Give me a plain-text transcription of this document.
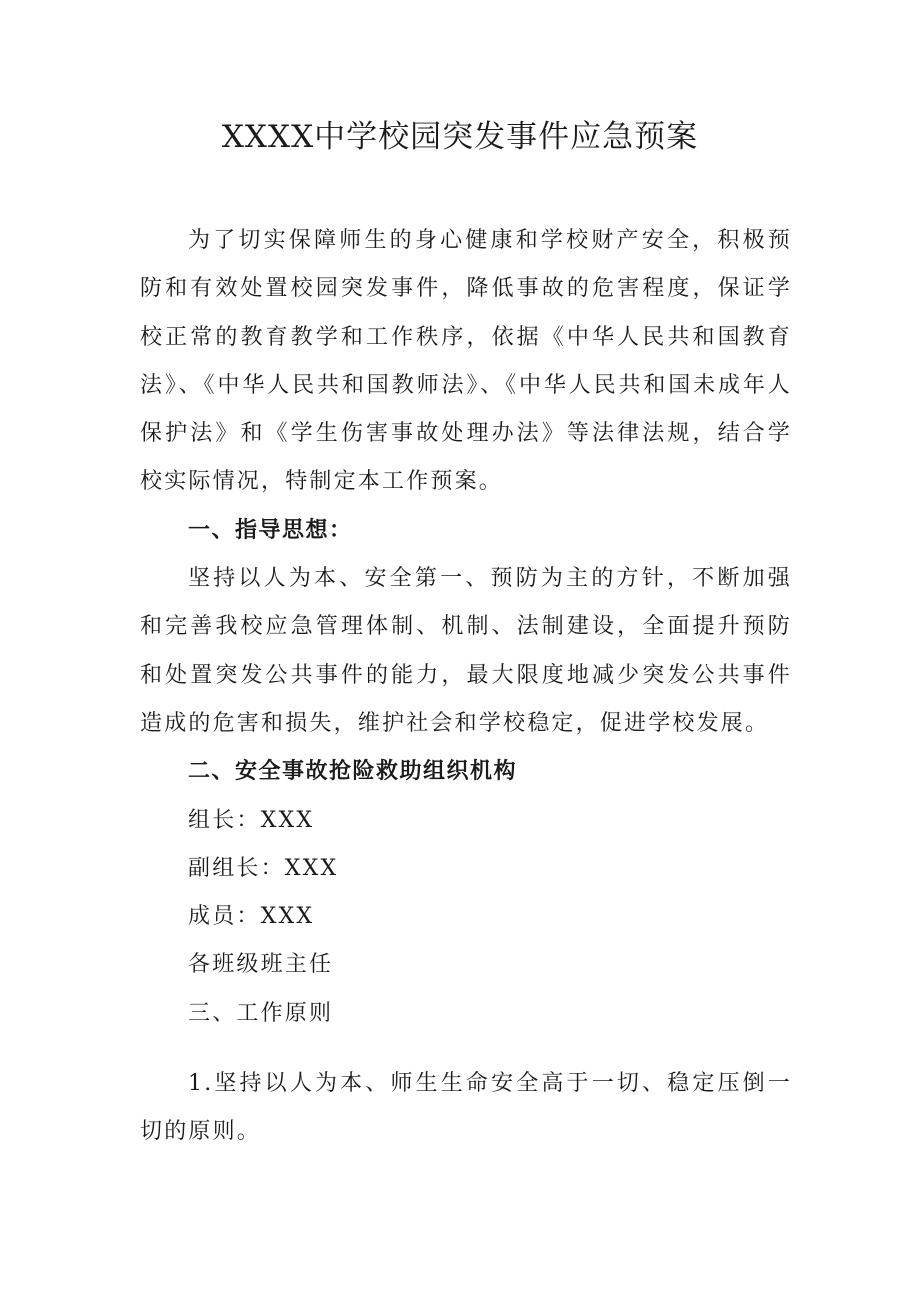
XXXX中学校园突发事件应急预案

为了切实保障师生的身心健康和学校财产安全，积极预防和有效处置校园突发事件，降低事故的危害程度，保证学校正常的教育教学和工作秩序，依据《中华人民共和国教育法》、《中华人民共和国教师法》、《中华人民共和国未成年人保护法》和《学生伤害事故处理办法》等法律法规，结合学校实际情况，特制定本工作预案。

一、指导思想：

坚持以人为本、安全第一、预防为主的方针，不断加强和完善我校应急管理体制、机制、法制建设，全面提升预防和处置突发公共事件的能力，最大限度地减少突发公共事件造成的危害和损失，维护社会和学校稳定，促进学校发展。

二、安全事故抢险救助组织机构

组长：XXX

副组长：XXX

成员：XXX

各班级班主任

三、工作原则

1.坚持以人为本、师生生命安全高于一切、稳定压倒一切的原则。
